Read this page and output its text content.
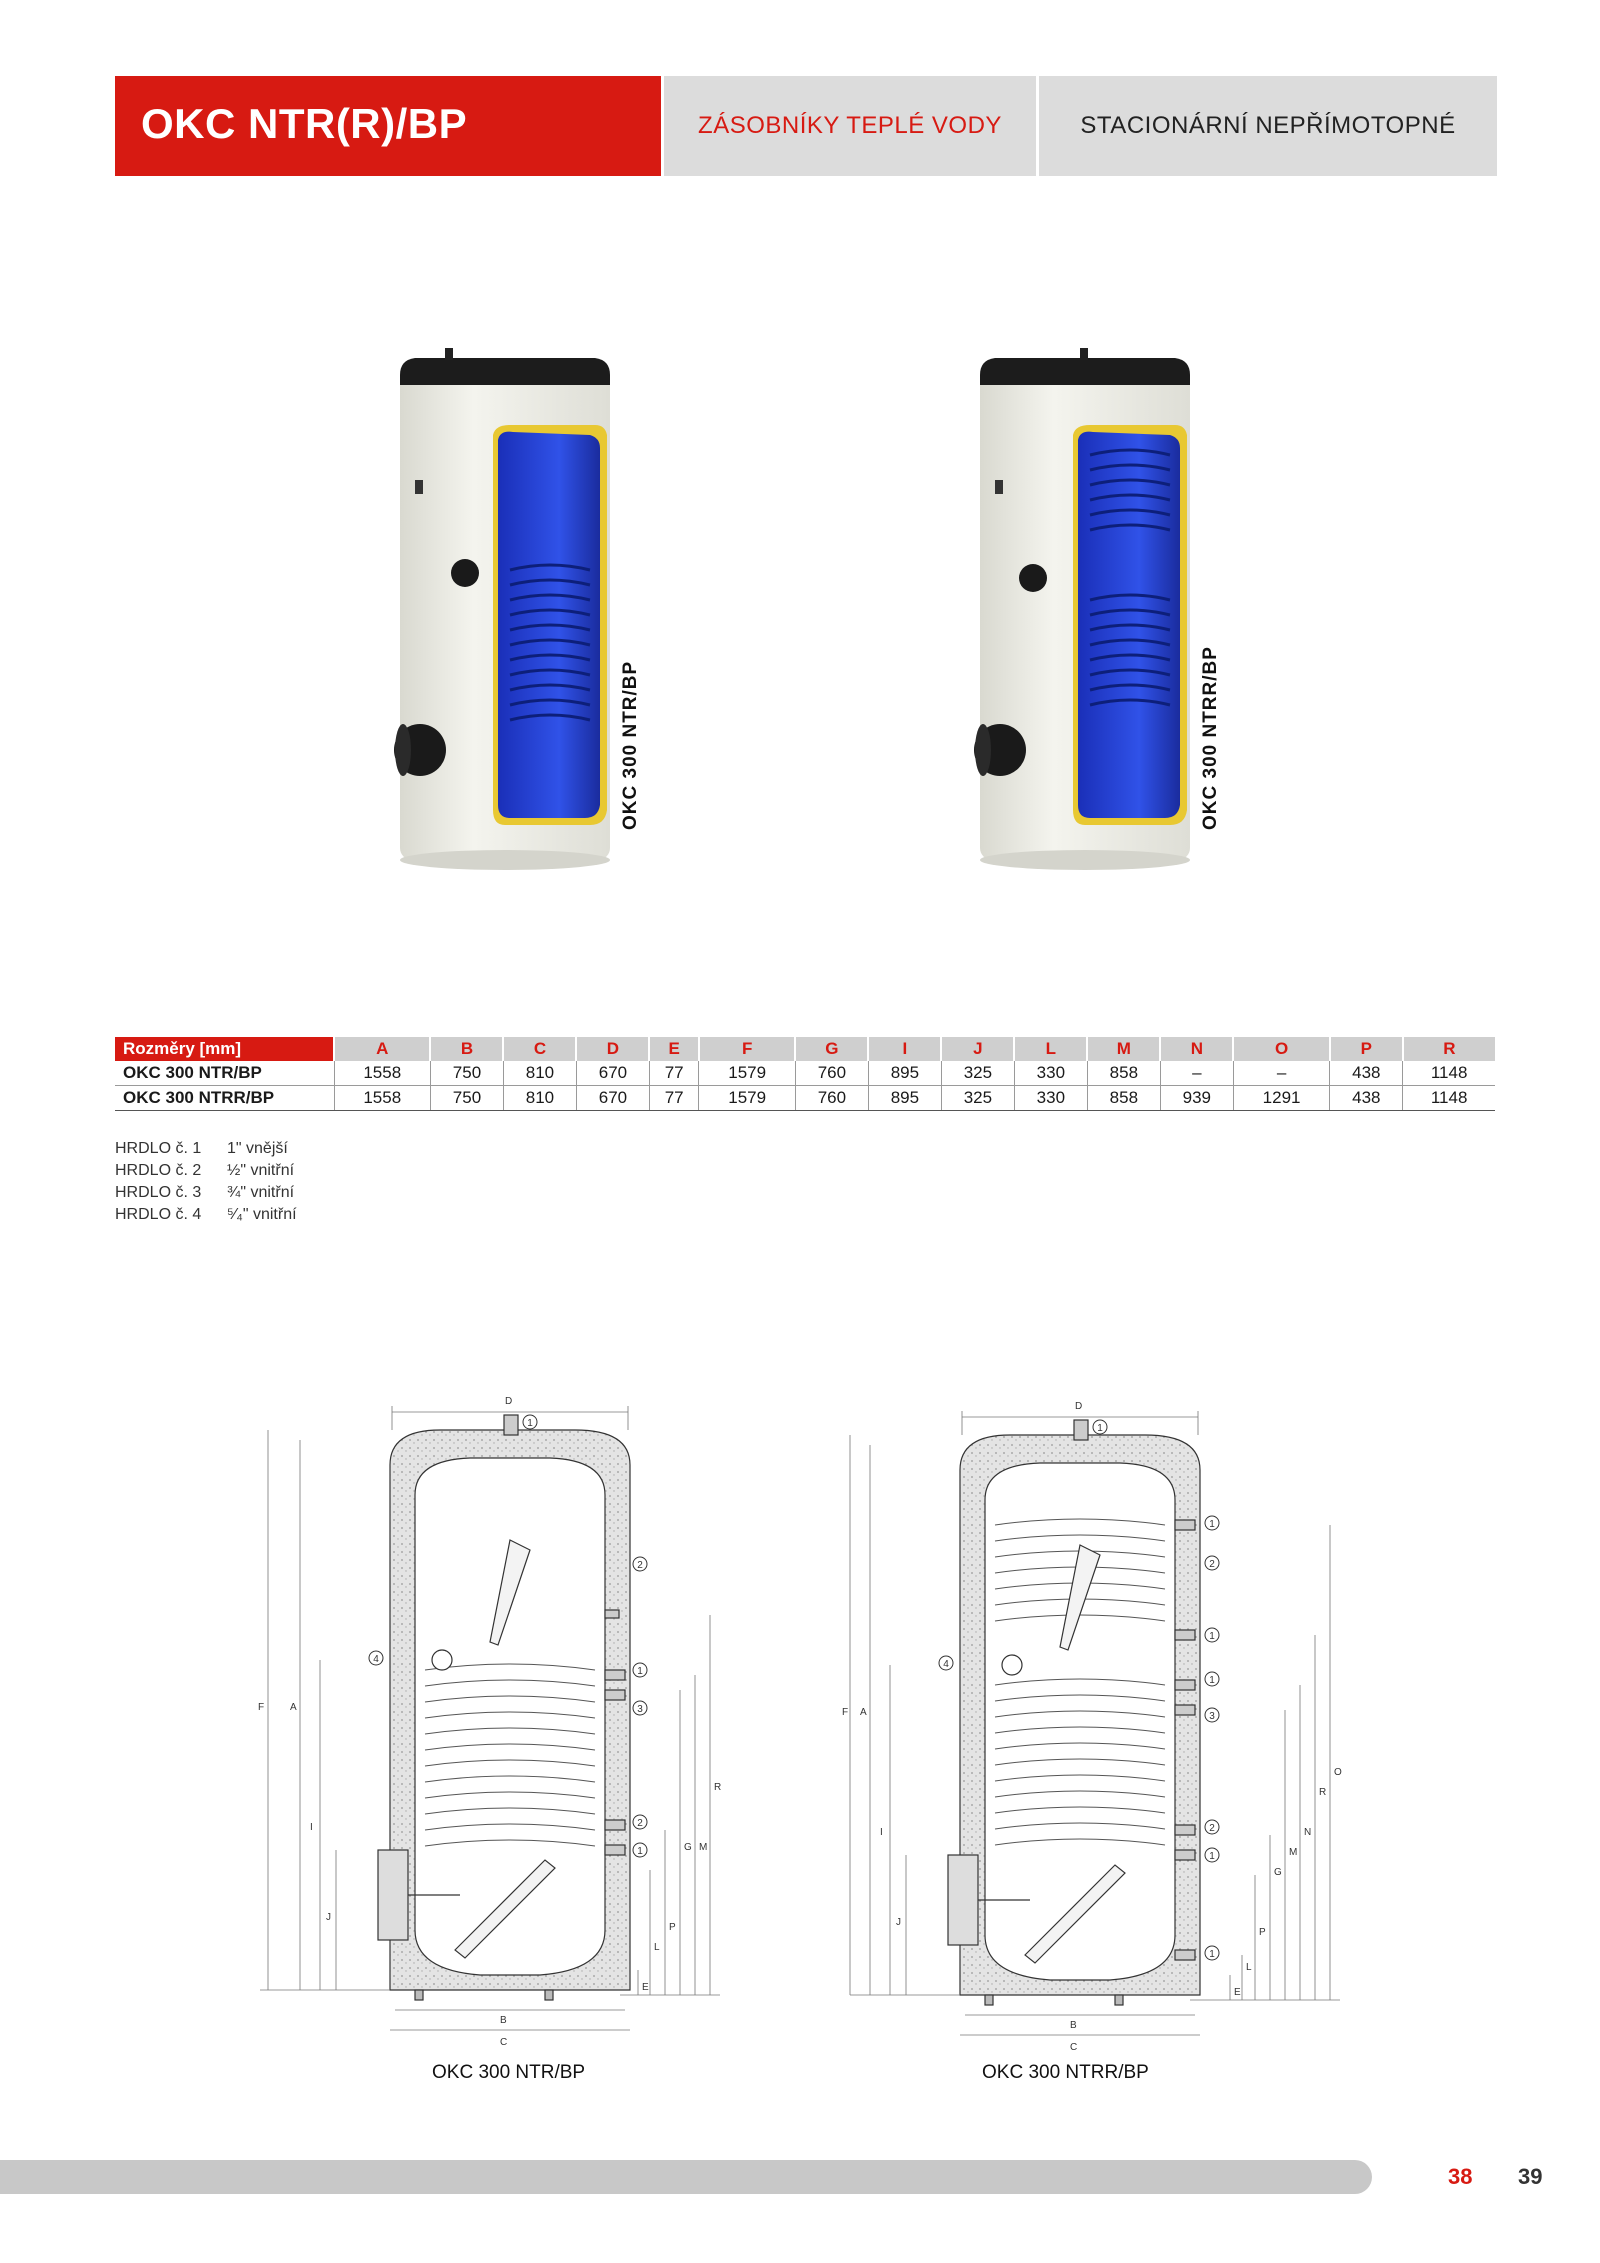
OKC NTR(R)/BP	ZÁSOBNÍKY TEPLÉ VODY	STACIONÁRNÍ NEPŘÍMOTOPNÉ
OKC 300 NTR/BP	OKC 300 NTRR/BP
Rozměry [mm]	A	B	C	D	E	F	G	I	J	L	M	N	O	P	R
OKC 300 NTR/BP	1558	750	810	670	77	1579	760	895	325	330	858	–	–	438	1148
OKC 300 NTRR/BP	1558	750	810	670	77	1579	760	895	325	330	858	939	1291	438	1148
HRDLO č. 1 1" vnější
HRDLO č. 2 ½" vnitřní
HRDLO č. 3 ¾" vnitřní
HRDLO č. 4 ⁵⁄₄" vnitřní
D
F	A
I
J
B
C
R
M
G
P
L
E
1
2
4
1
3
2
1
OKC 300 NTR/BP
D
F A
I
J
B
C
O
R
N
M
G
P
L
E
1
1
2
4
1
1
3
2
1
1
OKC 300 NTRR/BP
38 39
